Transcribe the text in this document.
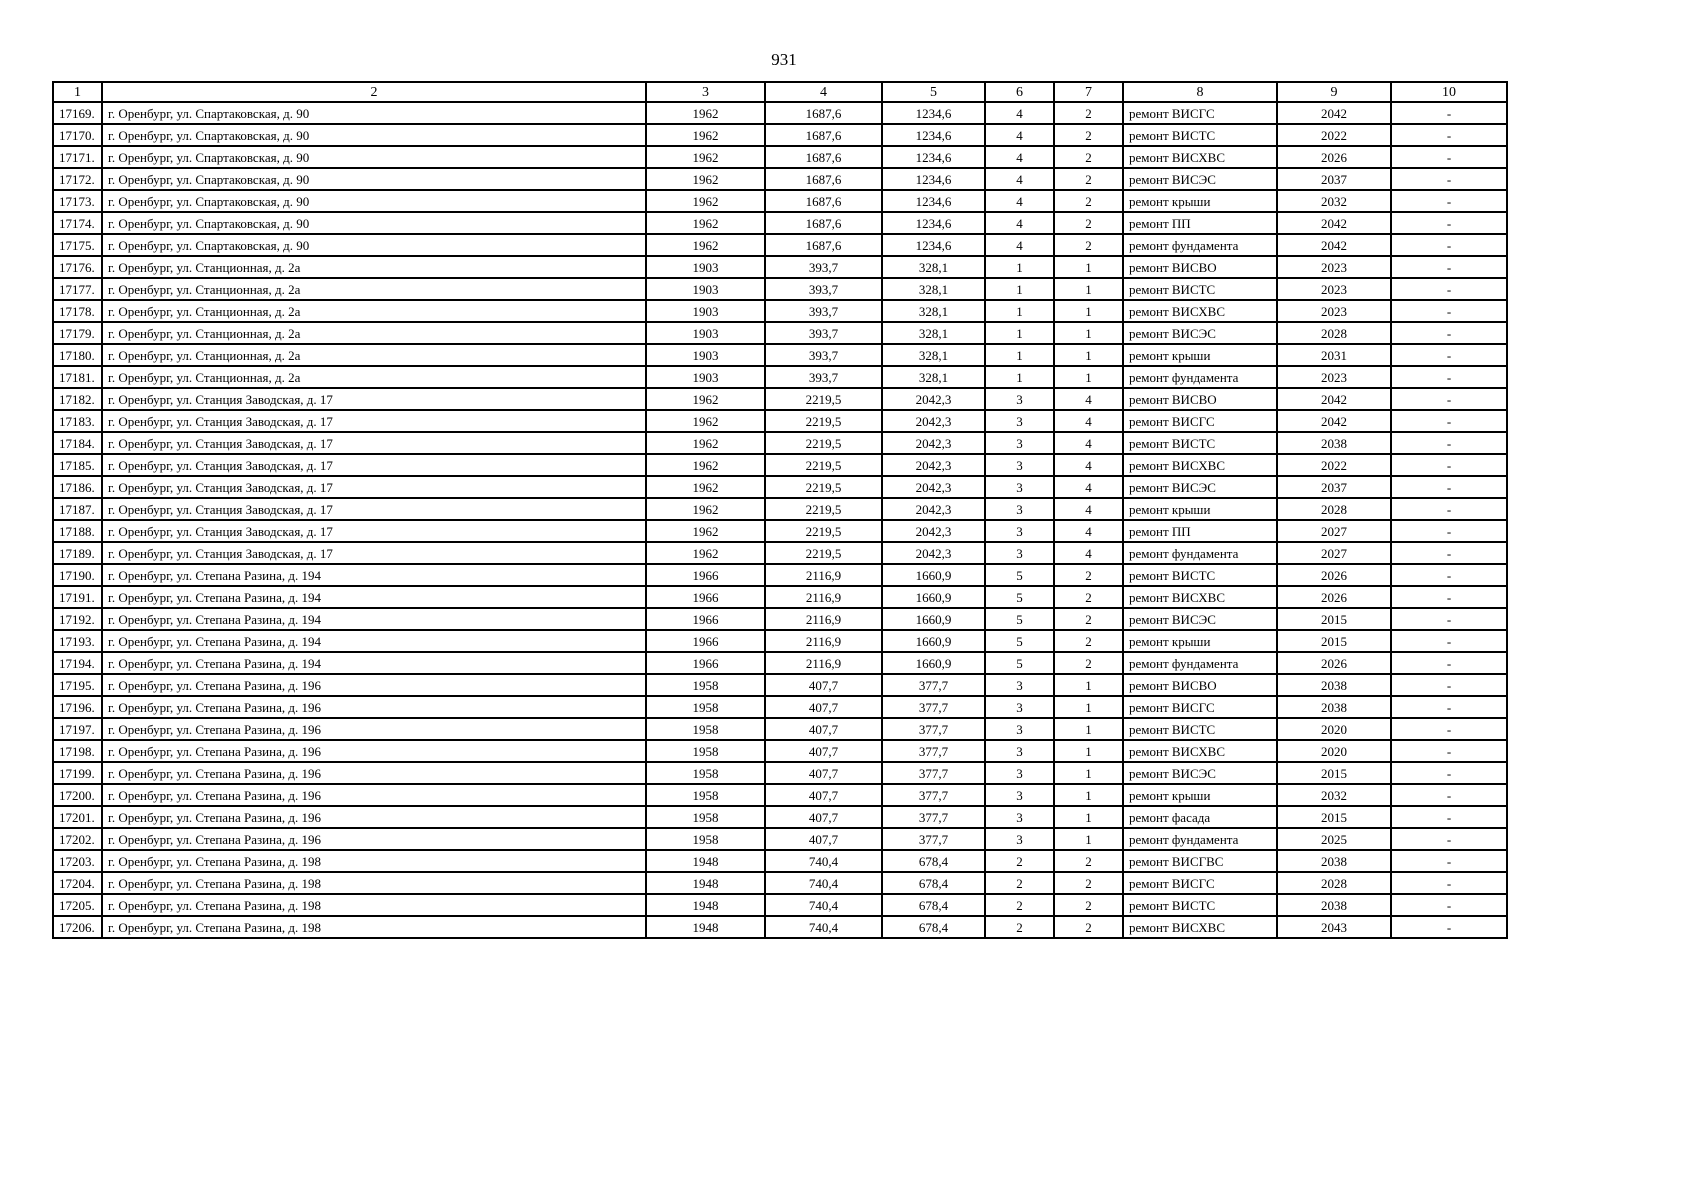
931
1	2	3	4	5	6	7	8	9	10
17169.	г. Оренбург, ул. Спартаковская, д. 90	1962	1687,6	1234,6	4	2	ремонт ВИСГС	2042	-
17170.	г. Оренбург, ул. Спартаковская, д. 90	1962	1687,6	1234,6	4	2	ремонт ВИСТС	2022	-
17171.	г. Оренбург, ул. Спартаковская, д. 90	1962	1687,6	1234,6	4	2	ремонт ВИСХВС	2026	-
17172.	г. Оренбург, ул. Спартаковская, д. 90	1962	1687,6	1234,6	4	2	ремонт ВИСЭС	2037	-
17173.	г. Оренбург, ул. Спартаковская, д. 90	1962	1687,6	1234,6	4	2	ремонт крыши	2032	-
17174.	г. Оренбург, ул. Спартаковская, д. 90	1962	1687,6	1234,6	4	2	ремонт ПП	2042	-
17175.	г. Оренбург, ул. Спартаковская, д. 90	1962	1687,6	1234,6	4	2	ремонт фундамента	2042	-
17176.	г. Оренбург, ул. Станционная, д. 2а	1903	393,7	328,1	1	1	ремонт ВИСВО	2023	-
17177.	г. Оренбург, ул. Станционная, д. 2а	1903	393,7	328,1	1	1	ремонт ВИСТС	2023	-
17178.	г. Оренбург, ул. Станционная, д. 2а	1903	393,7	328,1	1	1	ремонт ВИСХВС	2023	-
17179.	г. Оренбург, ул. Станционная, д. 2а	1903	393,7	328,1	1	1	ремонт ВИСЭС	2028	-
17180.	г. Оренбург, ул. Станционная, д. 2а	1903	393,7	328,1	1	1	ремонт крыши	2031	-
17181.	г. Оренбург, ул. Станционная, д. 2а	1903	393,7	328,1	1	1	ремонт фундамента	2023	-
17182.	г. Оренбург, ул. Станция Заводская, д. 17	1962	2219,5	2042,3	3	4	ремонт ВИСВО	2042	-
17183.	г. Оренбург, ул. Станция Заводская, д. 17	1962	2219,5	2042,3	3	4	ремонт ВИСГС	2042	-
17184.	г. Оренбург, ул. Станция Заводская, д. 17	1962	2219,5	2042,3	3	4	ремонт ВИСТС	2038	-
17185.	г. Оренбург, ул. Станция Заводская, д. 17	1962	2219,5	2042,3	3	4	ремонт ВИСХВС	2022	-
17186.	г. Оренбург, ул. Станция Заводская, д. 17	1962	2219,5	2042,3	3	4	ремонт ВИСЭС	2037	-
17187.	г. Оренбург, ул. Станция Заводская, д. 17	1962	2219,5	2042,3	3	4	ремонт крыши	2028	-
17188.	г. Оренбург, ул. Станция Заводская, д. 17	1962	2219,5	2042,3	3	4	ремонт ПП	2027	-
17189.	г. Оренбург, ул. Станция Заводская, д. 17	1962	2219,5	2042,3	3	4	ремонт фундамента	2027	-
17190.	г. Оренбург, ул. Степана Разина, д. 194	1966	2116,9	1660,9	5	2	ремонт ВИСТС	2026	-
17191.	г. Оренбург, ул. Степана Разина, д. 194	1966	2116,9	1660,9	5	2	ремонт ВИСХВС	2026	-
17192.	г. Оренбург, ул. Степана Разина, д. 194	1966	2116,9	1660,9	5	2	ремонт ВИСЭС	2015	-
17193.	г. Оренбург, ул. Степана Разина, д. 194	1966	2116,9	1660,9	5	2	ремонт крыши	2015	-
17194.	г. Оренбург, ул. Степана Разина, д. 194	1966	2116,9	1660,9	5	2	ремонт фундамента	2026	-
17195.	г. Оренбург, ул. Степана Разина, д. 196	1958	407,7	377,7	3	1	ремонт ВИСВО	2038	-
17196.	г. Оренбург, ул. Степана Разина, д. 196	1958	407,7	377,7	3	1	ремонт ВИСГС	2038	-
17197.	г. Оренбург, ул. Степана Разина, д. 196	1958	407,7	377,7	3	1	ремонт ВИСТС	2020	-
17198.	г. Оренбург, ул. Степана Разина, д. 196	1958	407,7	377,7	3	1	ремонт ВИСХВС	2020	-
17199.	г. Оренбург, ул. Степана Разина, д. 196	1958	407,7	377,7	3	1	ремонт ВИСЭС	2015	-
17200.	г. Оренбург, ул. Степана Разина, д. 196	1958	407,7	377,7	3	1	ремонт крыши	2032	-
17201.	г. Оренбург, ул. Степана Разина, д. 196	1958	407,7	377,7	3	1	ремонт фасада	2015	-
17202.	г. Оренбург, ул. Степана Разина, д. 196	1958	407,7	377,7	3	1	ремонт фундамента	2025	-
17203.	г. Оренбург, ул. Степана Разина, д. 198	1948	740,4	678,4	2	2	ремонт ВИСГВС	2038	-
17204.	г. Оренбург, ул. Степана Разина, д. 198	1948	740,4	678,4	2	2	ремонт ВИСГС	2028	-
17205.	г. Оренбург, ул. Степана Разина, д. 198	1948	740,4	678,4	2	2	ремонт ВИСТС	2038	-
17206.	г. Оренбург, ул. Степана Разина, д. 198	1948	740,4	678,4	2	2	ремонт ВИСХВС	2043	-
